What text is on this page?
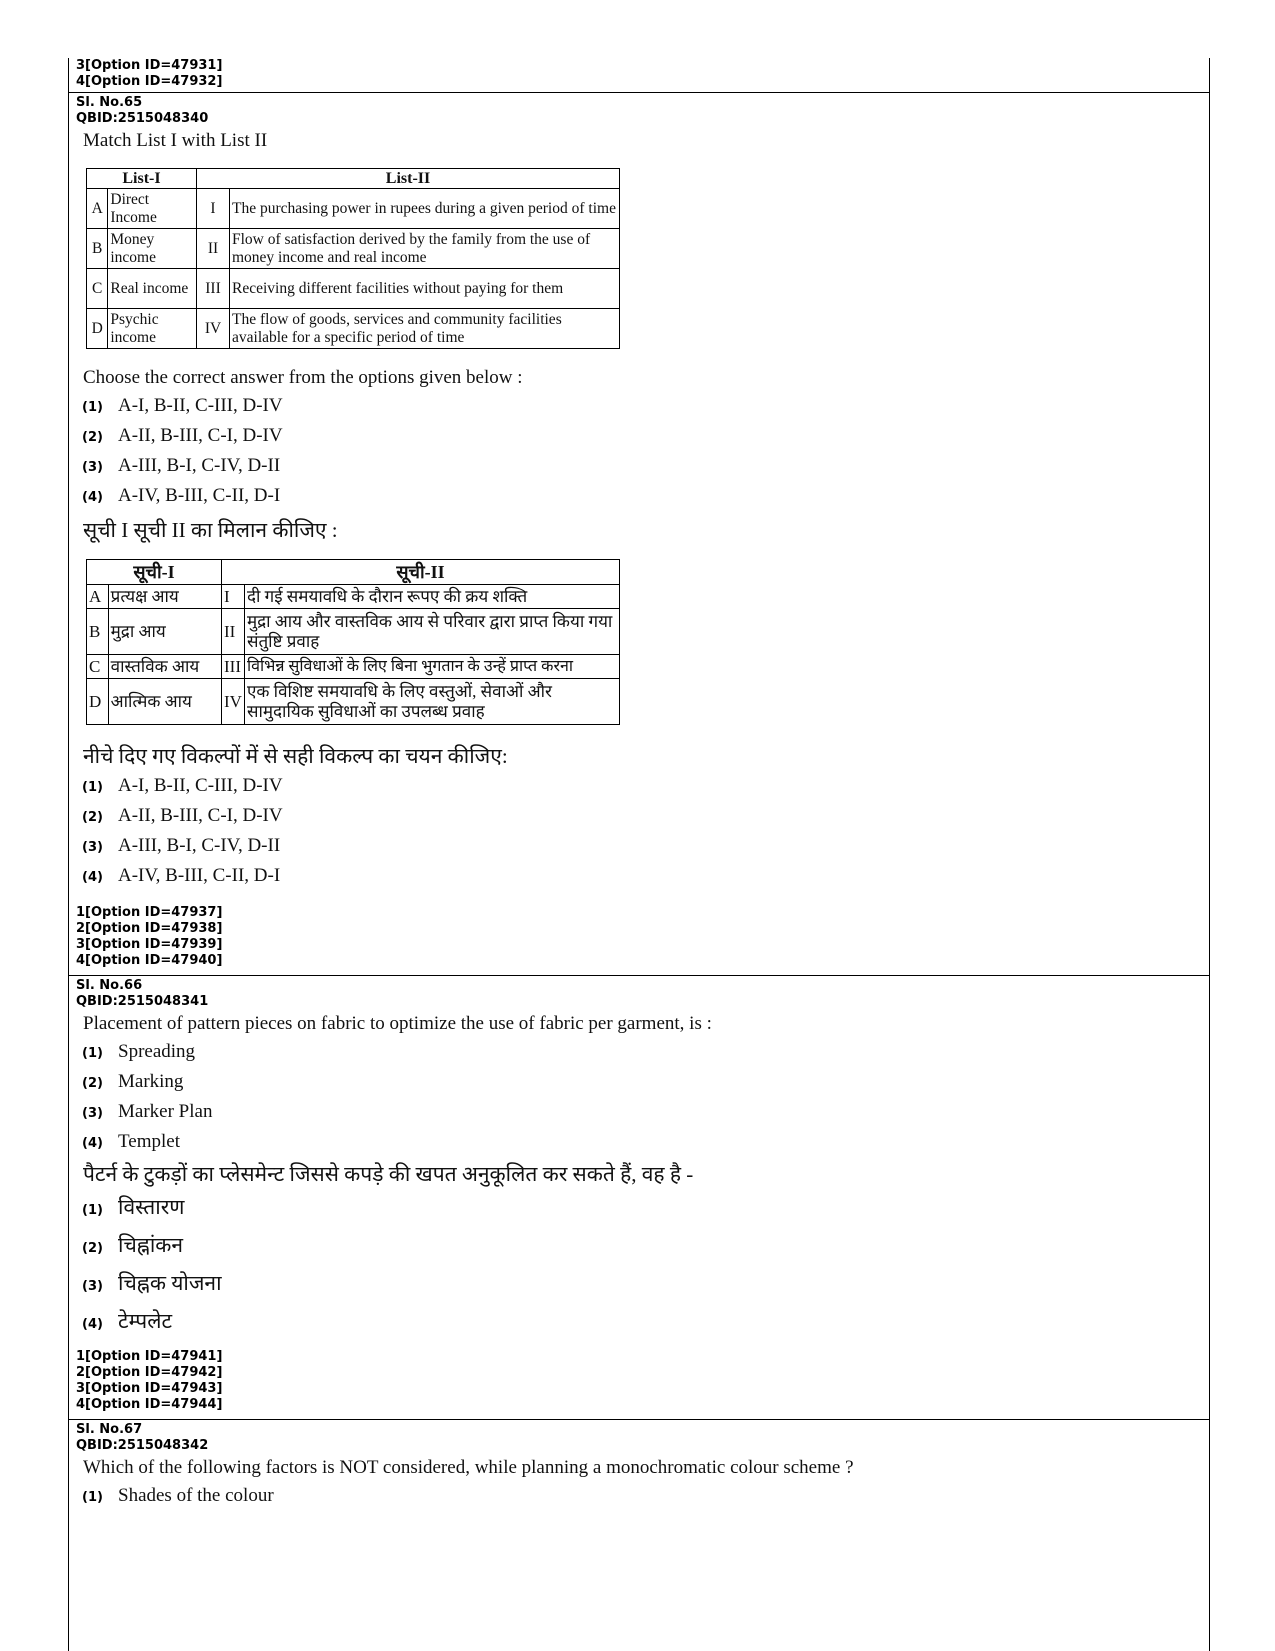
3[Option ID=47931]
4[Option ID=47932]
Sl. No.65
QBID:2515048340
Match List I with List II
List-I		List-II	
A	Direct Income	I	The purchasing power in rupees during a given period of time
B	Money income	II	Flow of satisfaction derived by the family from the use of money income and real income
C	Real income	III	Receiving different facilities without paying for them
D	Psychic income	IV	The flow of goods, services and community facilities available for a specific period of time
Choose the correct answer from the options given below :
(1) A-I, B-II, C-III, D-IV
(2) A-II, B-III, C-I, D-IV
(3) A-III, B-I, C-IV, D-II
(4) A-IV, B-III, C-II, D-I
सूची I सूची II का मिलान कीजिए :
सूची-I		सूची-II	
A	प्रत्यक्ष आय	I	दी गई समयावधि के दौरान रूपए की क्रय शक्ति
B	मुद्रा आय	II	मुद्रा आय और वास्तविक आय से परिवार द्वारा प्राप्त किया गया संतुष्टि प्रवाह
C	वास्तविक आय	III	विभिन्न सुविधाओं के लिए बिना भुगतान के उन्हें प्राप्त करना
D	आत्मिक आय	IV	एक विशिष्ट समयावधि के लिए वस्तुओं, सेवाओं और सामुदायिक सुविधाओं का उपलब्ध प्रवाह
नीचे दिए गए विकल्पों में से सही विकल्प का चयन कीजिए:
(1) A-I, B-II, C-III, D-IV
(2) A-II, B-III, C-I, D-IV
(3) A-III, B-I, C-IV, D-II
(4) A-IV, B-III, C-II, D-I
1[Option ID=47937]
2[Option ID=47938]
3[Option ID=47939]
4[Option ID=47940]
Sl. No.66
QBID:2515048341
Placement of pattern pieces on fabric to optimize the use of fabric per garment, is :
(1) Spreading
(2) Marking
(3) Marker Plan
(4) Templet
पैटर्न के टुकड़ों का प्लेसमेन्ट जिससे कपड़े की खपत अनुकूलित कर सकते हैं, वह है -
(1) विस्तारण
(2) चिह्नांकन
(3) चिह्नक योजना
(4) टेम्पलेट
1[Option ID=47941]
2[Option ID=47942]
3[Option ID=47943]
4[Option ID=47944]
Sl. No.67
QBID:2515048342
Which of the following factors is NOT considered, while planning a monochromatic colour scheme ?
(1) Shades of the colour
